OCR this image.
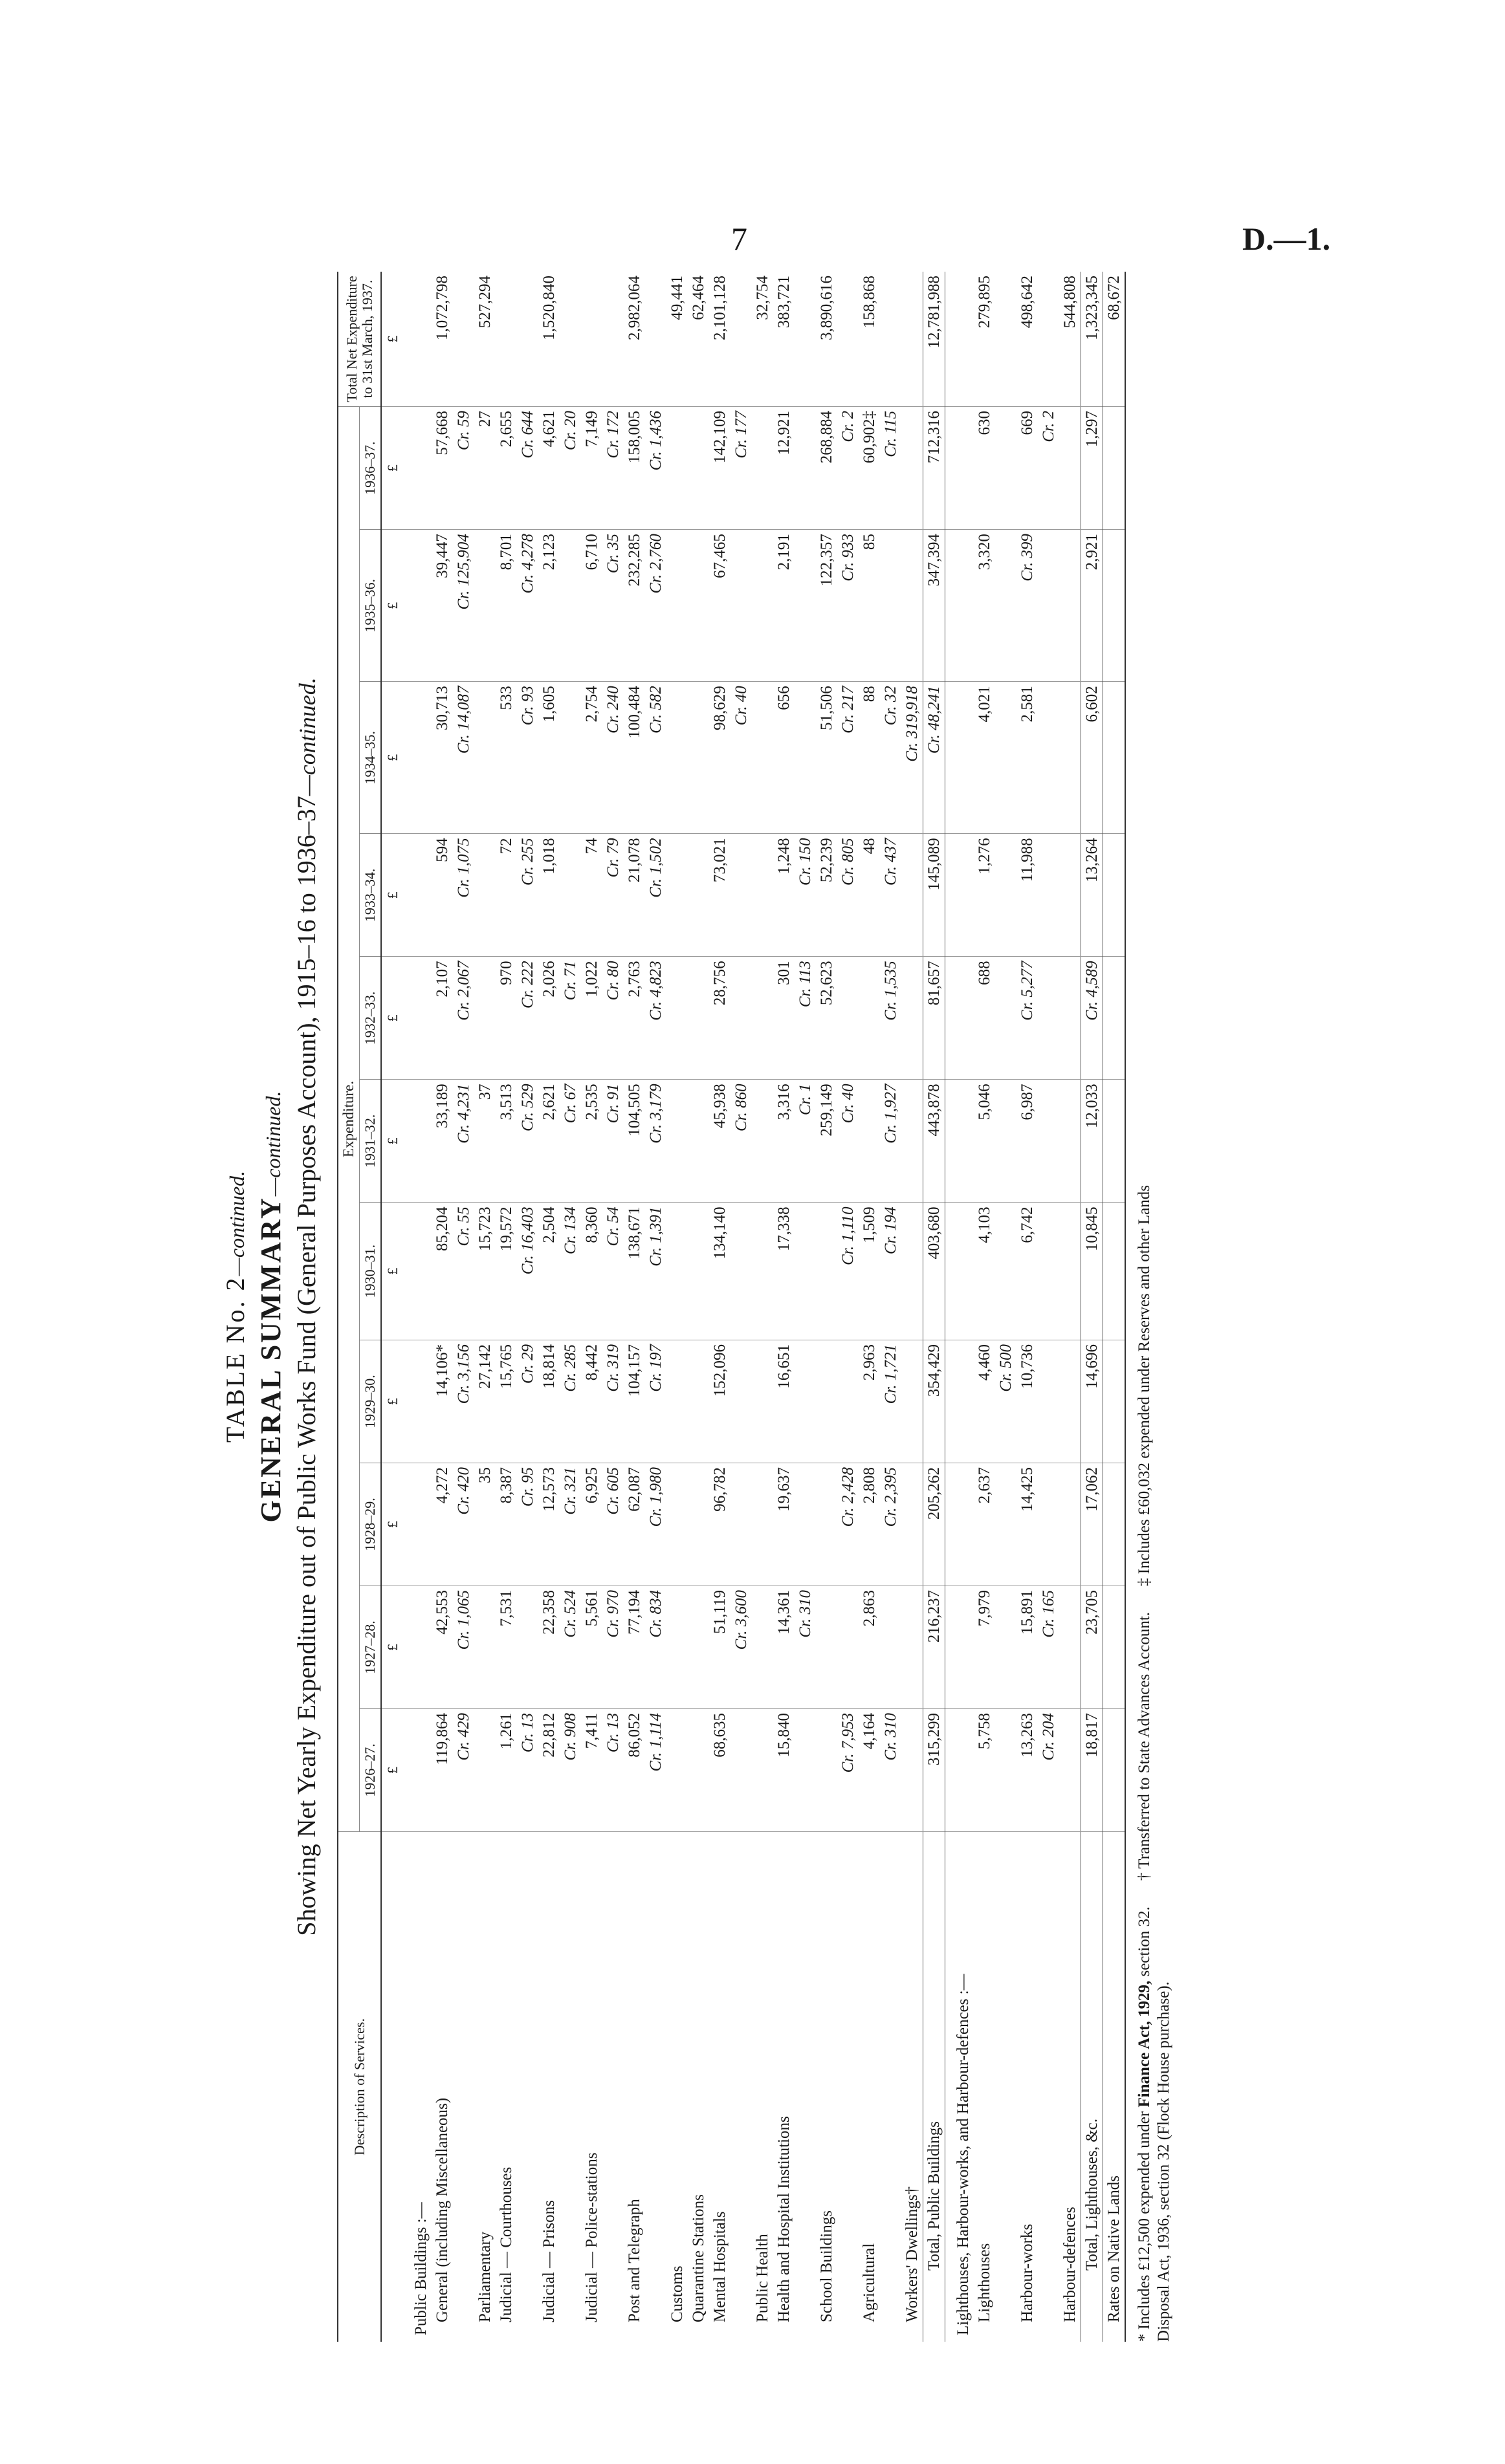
7	D.—1.
TABLE No. 2—continued. GENERAL SUMMARY—continued. Showing Net Yearly Expenditure out of Public Works Fund (General Purposes Account), 1915–16 to 1936–37—continued.
Description of Services.	Expenditure.											Total Net Expenditure to 31st March, 1937.
	1926–27.	1927–28.	1928–29.	1929–30.	1930–31.	1931–32.	1932–33.	1933–34.	1934–35.	1935–36.	1936–37.	
	£	£	£	£	£	£	£	£	£	£	£	£
Public Buildings :—												
General (including Miscellaneous)	119,864	42,553	4,272	14,106*	85,204	33,189	2,107	594	30,713	39,447	57,668	1,072,798
	Cr. 429	Cr. 1,065	Cr. 420	Cr. 3,156	Cr. 55	Cr. 4,231	Cr. 2,067	Cr. 1,075	Cr. 14,087	Cr. 125,904	Cr. 59	
Parliamentary			35	27,142	15,723	37					27	527,294
Judicial — Courthouses	1,261	7,531	8,387	15,765	19,572	3,513	970	72	533	8,701	2,655	
	Cr. 13		Cr. 95	Cr. 29	Cr. 16,403	Cr. 529	Cr. 222	Cr. 255	Cr. 93	Cr. 4,278	Cr. 644	
Judicial — Prisons	22,812	22,358	12,573	18,814	2,504	2,621	2,026	1,018	1,605	2,123	4,621	1,520,840
	Cr. 908	Cr. 524	Cr. 321	Cr. 285	Cr. 134	Cr. 67	Cr. 71				Cr. 20	
Judicial — Police-stations	7,411	5,561	6,925	8,442	8,360	2,535	1,022	74	2,754	6,710	7,149	
	Cr. 13	Cr. 970	Cr. 605	Cr. 319	Cr. 54	Cr. 91	Cr. 80	Cr. 79	Cr. 240	Cr. 35	Cr. 172	
Post and Telegraph	86,052	77,194	62,087	104,157	138,671	104,505	2,763	21,078	100,484	232,285	158,005	2,982,064
	Cr. 1,114	Cr. 834	Cr. 1,980	Cr. 197	Cr. 1,391	Cr. 3,179	Cr. 4,823	Cr. 1,502	Cr. 582	Cr. 2,760	Cr. 1,436	
Customs												49,441
Quarantine Stations												62,464
Mental Hospitals	68,635	51,119	96,782	152,096	134,140	45,938	28,756	73,021	98,629	67,465	142,109	2,101,128
		Cr. 3,600				Cr. 860			Cr. 40		Cr. 177	
Public Health												32,754
Health and Hospital Institutions	15,840	14,361	19,637	16,651	17,338	3,316	301	1,248	656	2,191	12,921	383,721
		Cr. 310				Cr. 1	Cr. 113	Cr. 150				
School Buildings						259,149	52,623	52,239	51,506	122,357	268,884	3,890,616
	Cr. 7,953		Cr. 2,428		Cr. 1,110	Cr. 40		Cr. 805	Cr. 217	Cr. 933	Cr. 2	
Agricultural	4,164	2,863	2,808	2,963	1,509			48	88	85	60,902‡	158,868
	Cr. 310		Cr. 2,395	Cr. 1,721	Cr. 194	Cr. 1,927	Cr. 1,535	Cr. 437	Cr. 32		Cr. 115	
Workers' Dwellings†									Cr. 319,918			
Total, Public Buildings	315,299	216,237	205,262	354,429	403,680	443,878	81,657	145,089	Cr. 48,241	347,394	712,316	12,781,988
Lighthouses, Harbour-works, and Harbour-defences :—												
Lighthouses	5,758	7,979	2,637	4,460	4,103	5,046	688	1,276	4,021	3,320	630	279,895
				Cr. 500								
Harbour-works	13,263	15,891	14,425	10,736	6,742	6,987	Cr. 5,277	11,988	2,581	Cr. 399	669	498,642
	Cr. 204	Cr. 165									Cr. 2	
Harbour-defences												544,808
Total, Lighthouses, &c.	18,817	23,705	17,062	14,696	10,845	12,033	Cr. 4,589	13,264	6,602	2,921	1,297	1,323,345
Rates on Native Lands												68,672
* Includes £12,500 expended under Finance Act, 1929, section 32.
Disposal Act, 1936, section 32 (Flock House purchase).
† Transferred to State Advances Account.
‡ Includes £60,032 expended under Reserves and other Lands
